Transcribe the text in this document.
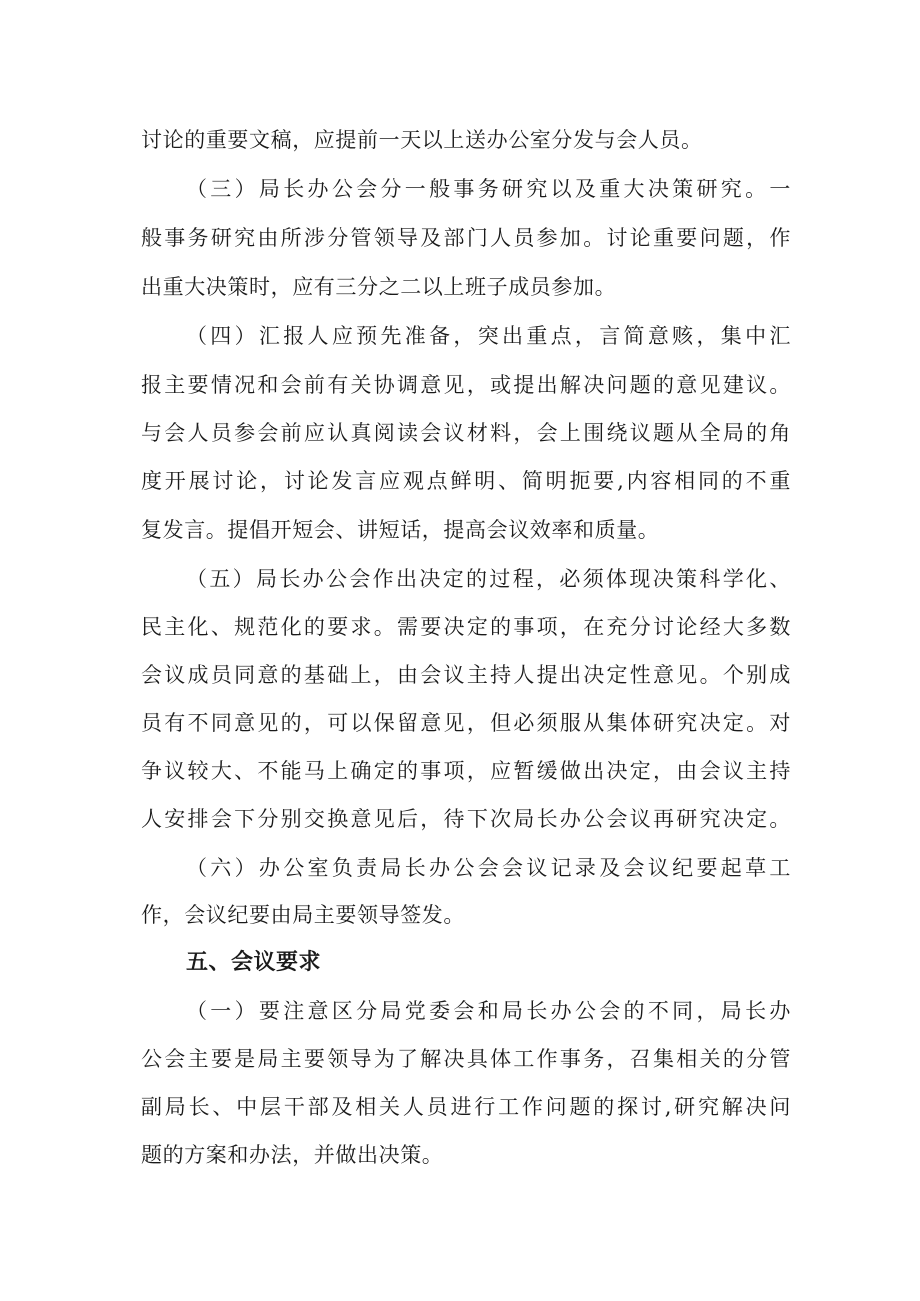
讨论的重要文稿，应提前一天以上送办公室分发与会人员。
（三）局长办公会分一般事务研究以及重大决策研究。一
般事务研究由所涉分管领导及部门人员参加。讨论重要问题，作
出重大决策时，应有三分之二以上班子成员参加。
（四）汇报人应预先准备，突出重点，言简意赅，集中汇
报主要情况和会前有关协调意见，或提出解决问题的意见建议。
与会人员参会前应认真阅读会议材料，会上围绕议题从全局的角
度开展讨论，讨论发言应观点鲜明、简明扼要,内容相同的不重
复发言。提倡开短会、讲短话，提高会议效率和质量。
（五）局长办公会作出决定的过程，必须体现决策科学化、
民主化、规范化的要求。需要决定的事项，在充分讨论经大多数
会议成员同意的基础上，由会议主持人提出决定性意见。个别成
员有不同意见的，可以保留意见，但必须服从集体研究决定。对
争议较大、不能马上确定的事项，应暂缓做出决定，由会议主持
人安排会下分别交换意见后，待下次局长办公会议再研究决定。
（六）办公室负责局长办公会会议记录及会议纪要起草工
作，会议纪要由局主要领导签发。
五、会议要求
（一）要注意区分局党委会和局长办公会的不同，局长办
公会主要是局主要领导为了解决具体工作事务，召集相关的分管
副局长、中层干部及相关人员进行工作问题的探讨,研究解决问
题的方案和办法，并做出决策。
